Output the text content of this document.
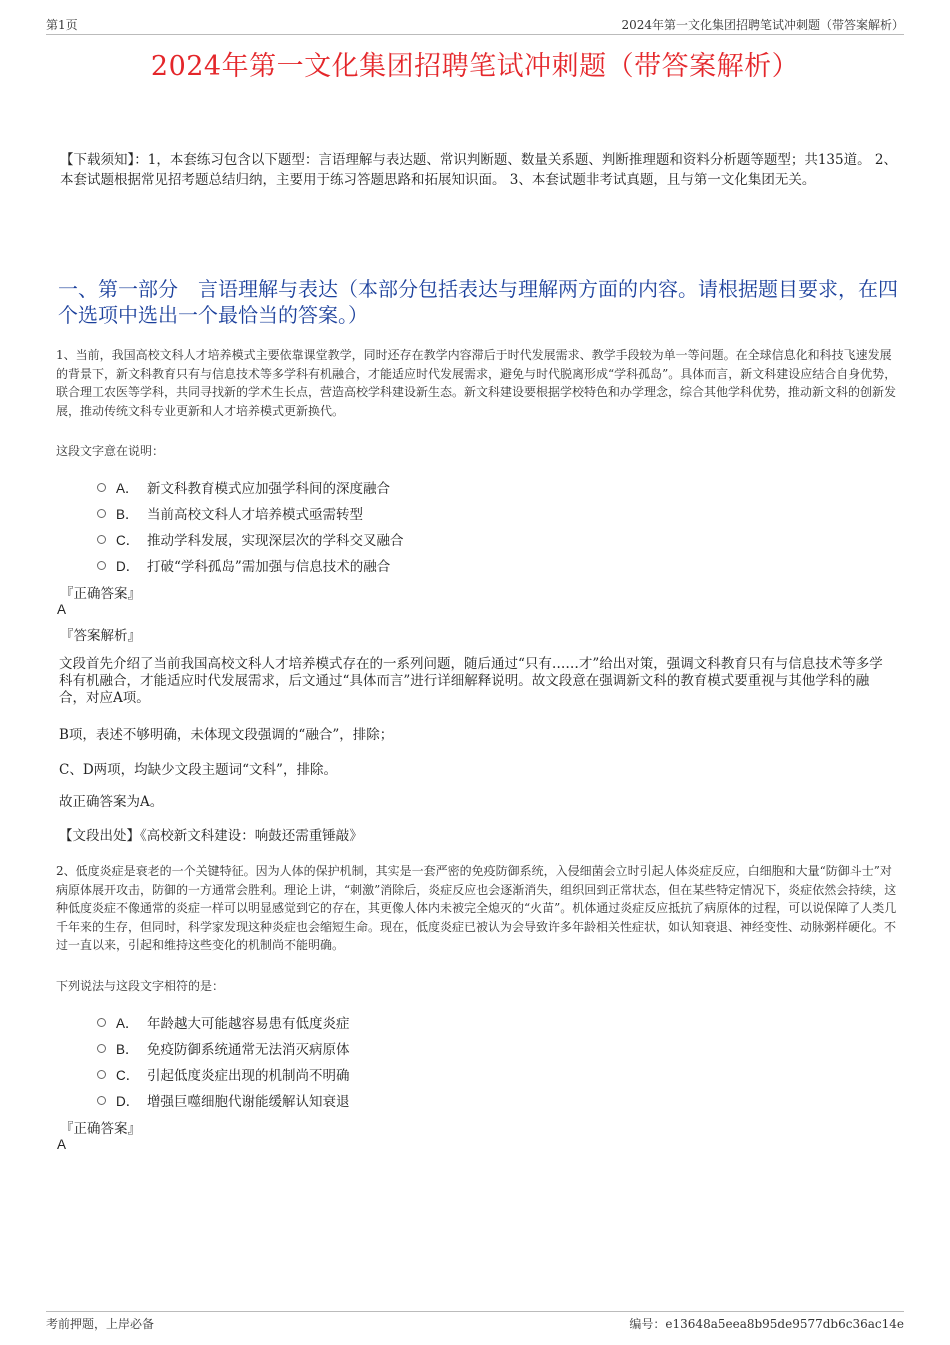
第1页	2024年第一文化集团招聘笔试冲刺题（带答案解析）
2024年第一文化集团招聘笔试冲刺题（带答案解析）
【下载须知】：1，本套练习包含以下题型：言语理解与表达题、常识判断题、数量关系题、判断推理题和资料分析题等题型；共135道。 2、本套试题根据常见招考题总结归纳，主要用于练习答题思路和拓展知识面。 3、本套试题非考试真题，且与第一文化集团无关。
一、第一部分　言语理解与表达（本部分包括表达与理解两方面的内容。请根据题目要求，在四个选项中选出一个最恰当的答案。）
1、当前，我国高校文科人才培养模式主要依靠课堂教学，同时还存在教学内容滞后于时代发展需求、教学手段较为单一等问题。在全球信息化和科技飞速发展的背景下，新文科教育只有与信息技术等多学科有机融合，才能适应时代发展需求，避免与时代脱离形成“学科孤岛”。具体而言，新文科建设应结合自身优势，联合理工农医等学科，共同寻找新的学术生长点，营造高校学科建设新生态。新文科建设要根据学校特色和办学理念，综合其他学科优势，推动新文科的创新发展，推动传统文科专业更新和人才培养模式更新换代。
这段文字意在说明：
A． 新文科教育模式应加强学科间的深度融合
B． 当前高校文科人才培养模式亟需转型
C． 推动学科发展，实现深层次的学科交叉融合
D． 打破“学科孤岛”需加强与信息技术的融合
『正确答案』
A
『答案解析』
文段首先介绍了当前我国高校文科人才培养模式存在的一系列问题，随后通过“只有……才”给出对策，强调文科教育只有与信息技术等多学科有机融合，才能适应时代发展需求，后文通过“具体而言”进行详细解释说明。故文段意在强调新文科的教育模式要重视与其他学科的融合，对应A项。
B项，表述不够明确，未体现文段强调的“融合”，排除；
C、D两项，均缺少文段主题词“文科”，排除。
故正确答案为A。
【文段出处】《高校新文科建设：响鼓还需重锤敲》
2、低度炎症是衰老的一个关键特征。因为人体的保护机制，其实是一套严密的免疫防御系统，入侵细菌会立时引起人体炎症反应，白细胞和大量“防御斗士”对病原体展开攻击，防御的一方通常会胜利。理论上讲，“刺激”消除后，炎症反应也会逐渐消失，组织回到正常状态，但在某些特定情况下，炎症依然会持续，这种低度炎症不像通常的炎症一样可以明显感觉到它的存在，其更像人体内未被完全熄灭的“火苗”。机体通过炎症反应抵抗了病原体的过程，可以说保障了人类几千年来的生存，但同时，科学家发现这种炎症也会缩短生命。现在，低度炎症已被认为会导致许多年龄相关性症状，如认知衰退、神经变性、动脉粥样硬化。不过一直以来，引起和维持这些变化的机制尚不能明确。
下列说法与这段文字相符的是：
A． 年龄越大可能越容易患有低度炎症
B． 免疫防御系统通常无法消灭病原体
C． 引起低度炎症出现的机制尚不明确
D． 增强巨噬细胞代谢能缓解认知衰退
『正确答案』
A
考前押题，上岸必备	编号：e13648a5eea8b95de9577db6c36ac14e
